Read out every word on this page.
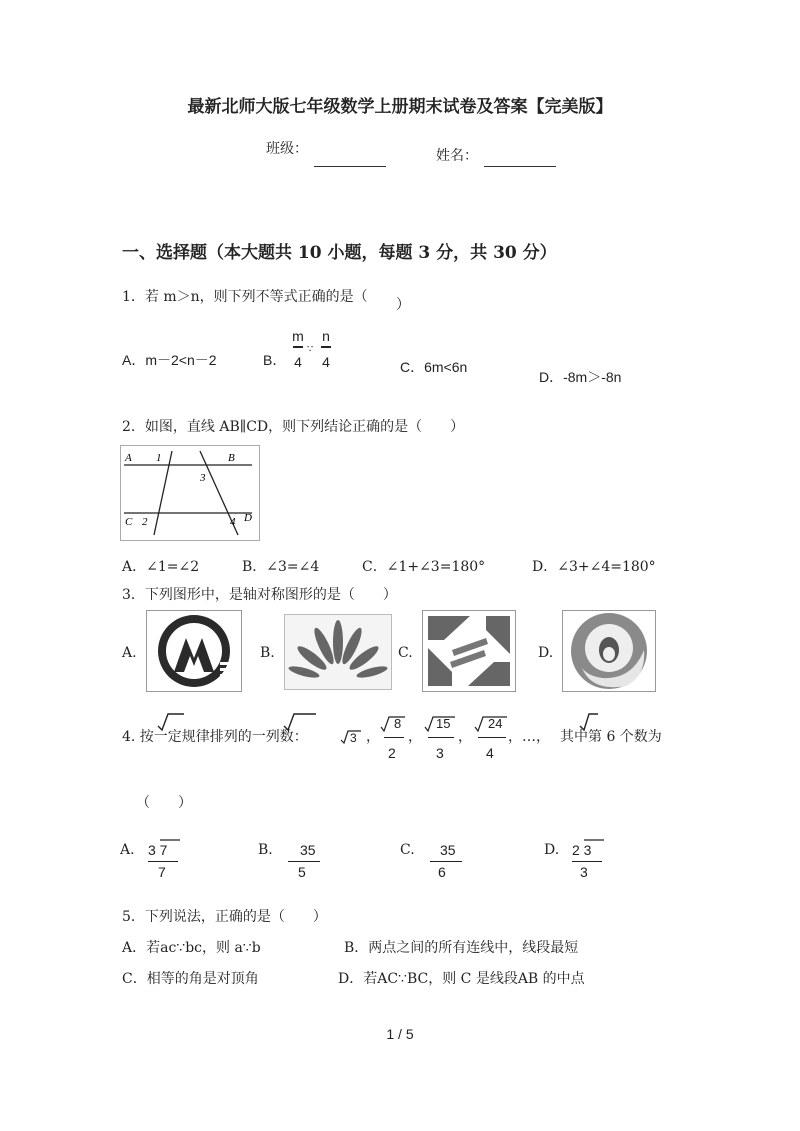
最新北师大版七年级数学上册期末试卷及答案【完美版】
班级：	姓名：
一、选择题（本大题共 10 小题，每题 3 分，共 30 分）
1．若 m＞n，则下列不等式正确的是（ ）
A．m－2<n－2	B．
m
4
∵
n
4	C．6m<6n
D．-8m＞-8n
2．如图，直线 AB∥CD，则下列结论正确的是（　　）
A	B
C	D
1
2
3
4
A．∠1=∠2	B．∠3=∠4	C．∠1+∠3=180°	D．∠3+∠4=180°
3．下列图形中，是轴对称图形的是（　　）
A.	B.	C.	D.
4. 按一定规律排列的一列数：	3 ，
8
2
，
15
3
，
24
4
，…， 其中第 6 个数为
（　　）
A. 3 7
7
B. 35
5
C. 35
6
D. 2 3
3
5．下列说法，正确的是（　　）
A．若ac∵bc，则 a∵b	B．两点之间的所有连线中，线段最短
C．相等的角是对顶角	D．若AC∵BC，则 C 是线段AB 的中点
1 / 5
